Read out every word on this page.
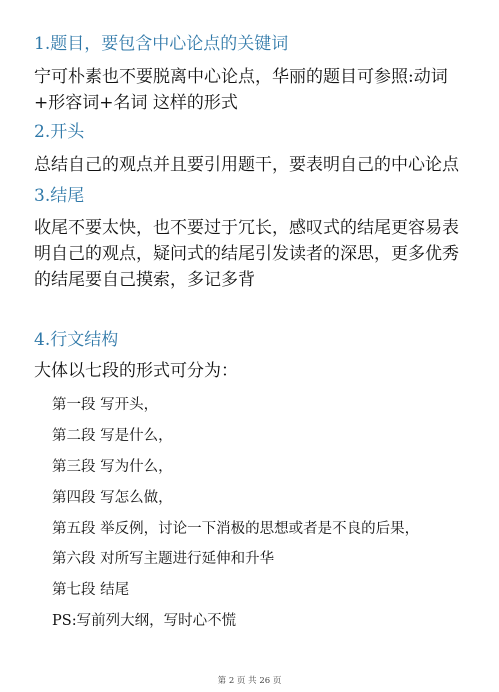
1.题目，要包含中心论点的关键词
宁可朴素也不要脱离中心论点，华丽的题目可参照:动词+形容词+名词 这样的形式
2.开头
总结自己的观点并且要引用题干，要表明自己的中心论点
3.结尾
收尾不要太快，也不要过于冗长，感叹式的结尾更容易表明自己的观点，疑问式的结尾引发读者的深思，更多优秀的结尾要自己摸索，多记多背
4.行文结构
大体以七段的形式可分为：
第一段 写开头，
第二段 写是什么，
第三段 写为什么，
第四段 写怎么做，
第五段 举反例，讨论一下消极的思想或者是不良的后果，
第六段 对所写主题进行延伸和升华
第七段 结尾
PS:写前列大纲，写时心不慌
第 2 页 共 26 页
